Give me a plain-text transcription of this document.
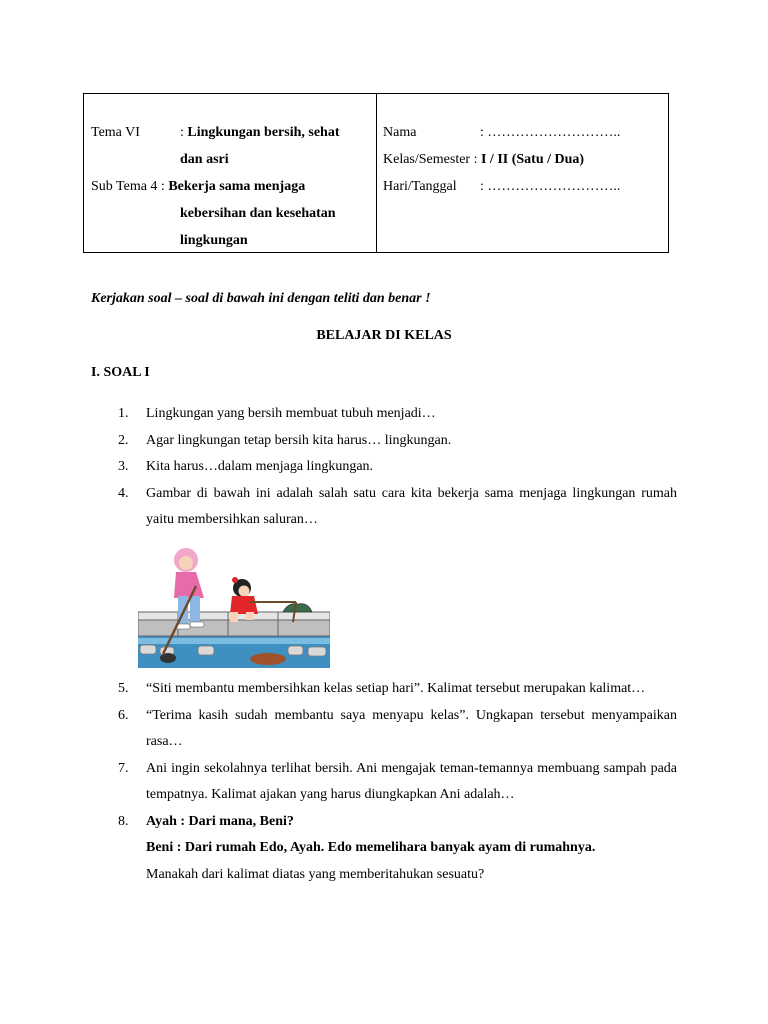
Tema VI	:
Lingkungan bersih, sehat
dan asri
Sub Tema 4 :
Bekerja sama menjaga
kebersihan dan kesehatan
lingkungan
Nama	: ………………………..
Kelas/Semester :
I / II (Satu / Dua)
Hari/Tanggal	: ………………………..
Kerjakan soal – soal di bawah ini dengan teliti dan benar !
BELAJAR DI KELAS
I. SOAL I
1.	Lingkungan yang bersih membuat tubuh menjadi…
2.	Agar lingkungan tetap bersih kita harus… lingkungan.
3.	Kita harus…dalam menjaga lingkungan.
4.	Gambar di bawah ini adalah salah satu cara kita bekerja sama menjaga lingkungan rumah yaitu membersihkan saluran…
5.	“Siti membantu membersihkan kelas setiap hari”. Kalimat tersebut merupakan kalimat…
6.	“Terima kasih sudah membantu saya menyapu kelas”. Ungkapan tersebut menyampaikan rasa…
7.	Ani ingin sekolahnya terlihat bersih. Ani mengajak teman-temannya membuang sampah pada tempatnya. Kalimat ajakan yang harus diungkapkan Ani adalah…
8.	Ayah : Dari mana, Beni?
Beni : Dari rumah Edo, Ayah. Edo memelihara banyak ayam di rumahnya.
Manakah dari kalimat diatas yang memberitahukan sesuatu?
